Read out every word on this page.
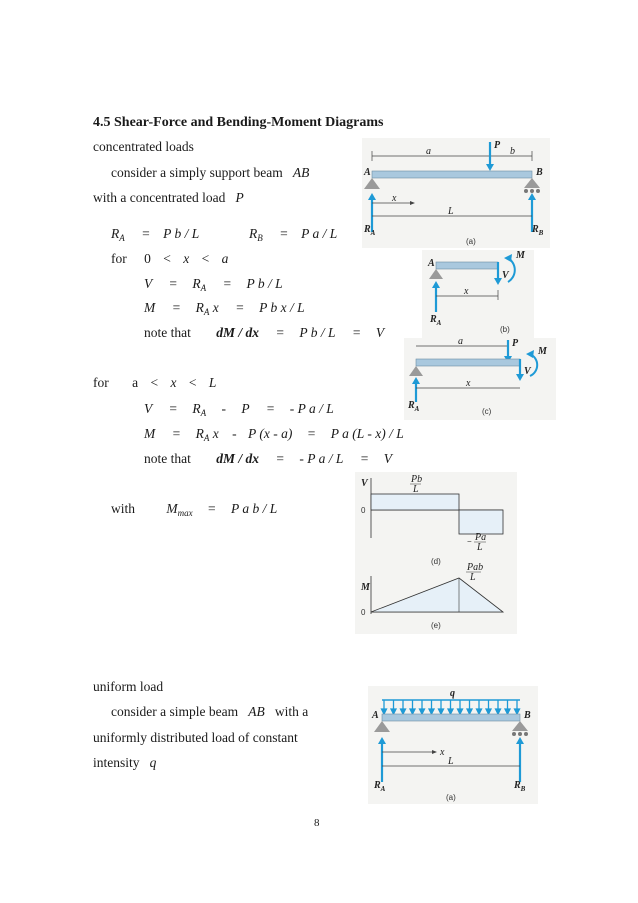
4.5 Shear-Force and Bending-Moment Diagrams
concentrated loads
consider a simply support beam AB
with a concentrated load P
$R_A = P$ b / L	$R_B = P$ a / L
for 0 < x < a
$V = R_A = P$ b / L
$M = R_A$ x = P b x / L
note that dM / dx = P b / L = V
for a < x < L
$V = R_A - P$ = - P a / L
$M = R_A$ x - P (x - a) = P a (L - x) / L
note that dM / dx = - P a / L = V
with $M_{max} = P$ a b / L
uniform load
consider a simple beam AB with a
uniformly distributed load of constant
intensity q
8
a	b
P
A	B
x
L
$R_A$	$R_B$
(a)
A
M
V
x
$R_A$
(b)
a	P
M
V
x
$R_A$	(c)
V
0
Pb
L
− Pa
L
(d)
M
0
Pab
L
(e)
q
A	B
x
L
$R_A$	$R_B$
(a)
